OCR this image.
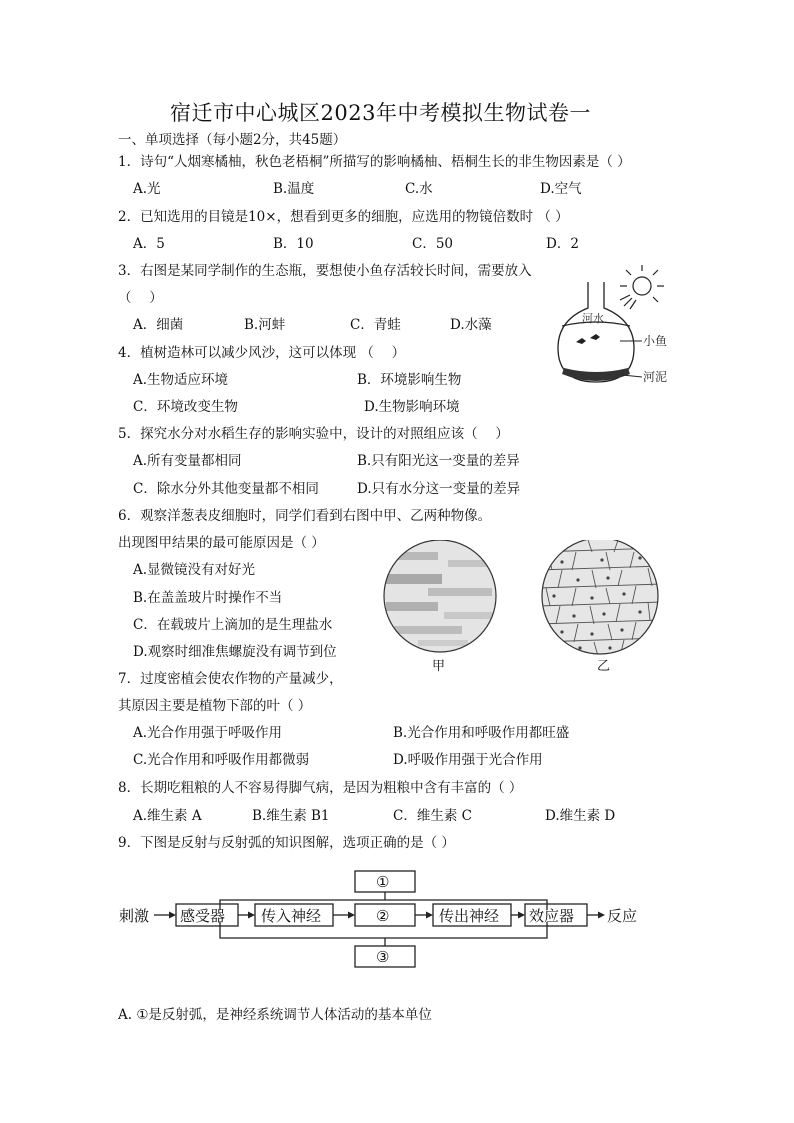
宿迁市中心城区2023年中考模拟生物试卷一
一、单项选择（每小题2分，共45题）
1．诗句“人烟寒橘柚，秋色老梧桐”所描写的影响橘柚、梧桐生长的非生物因素是（ ）
A.光	B.温度	C.水	D.空气
2．已知选用的目镜是10×，想看到更多的细胞，应选用的物镜倍数时 （ ）
A．5	B．10	C．50	D．2
3．右图是某同学制作的生态瓶，要想使小鱼存活较长时间，需要放入
（　 ）
A．细菌	B.河蚌	C．青蛙	D.水藻	河水
小鱼
河泥
4．植树造林可以减少风沙，这可以体现 （　 ）
A.生物适应环境	B．环境影响生物
C．环境改变生物	D.生物影响环境
5．探究水分对水稻生存的影响实验中，设计的对照组应该（　 ）
A.所有变量都相同	B.只有阳光这一变量的差异
C．除水分外其他变量都不相同	D.只有水分这一变量的差异
6．观察洋葱表皮细胞时，同学们看到右图中甲、乙两种物像。
出现图甲结果的最可能原因是（ ）
A.显微镜没有对好光
B.在盖盖玻片时操作不当
C．在载玻片上滴加的是生理盐水
D.观察时细准焦螺旋没有调节到位
甲	乙
7．过度密植会使农作物的产量减少，
其原因主要是植物下部的叶（ ）
A.光合作用强于呼吸作用	B.光合作用和呼吸作用都旺盛
C.光合作用和呼吸作用都微弱	D.呼吸作用强于光合作用
8．长期吃粗粮的人不容易得脚气病，是因为粗粮中含有丰富的（ ）
A.维生素 A	B.维生素 B1	C．维生素 C	D.维生素 D
9．下图是反射与反射弧的知识图解，选项正确的是（ ）
刺激 感受器 传入神经	②	传出神经 效应器 反应
①
③
A. ①是反射弧，是神经系统调节人体活动的基本单位
